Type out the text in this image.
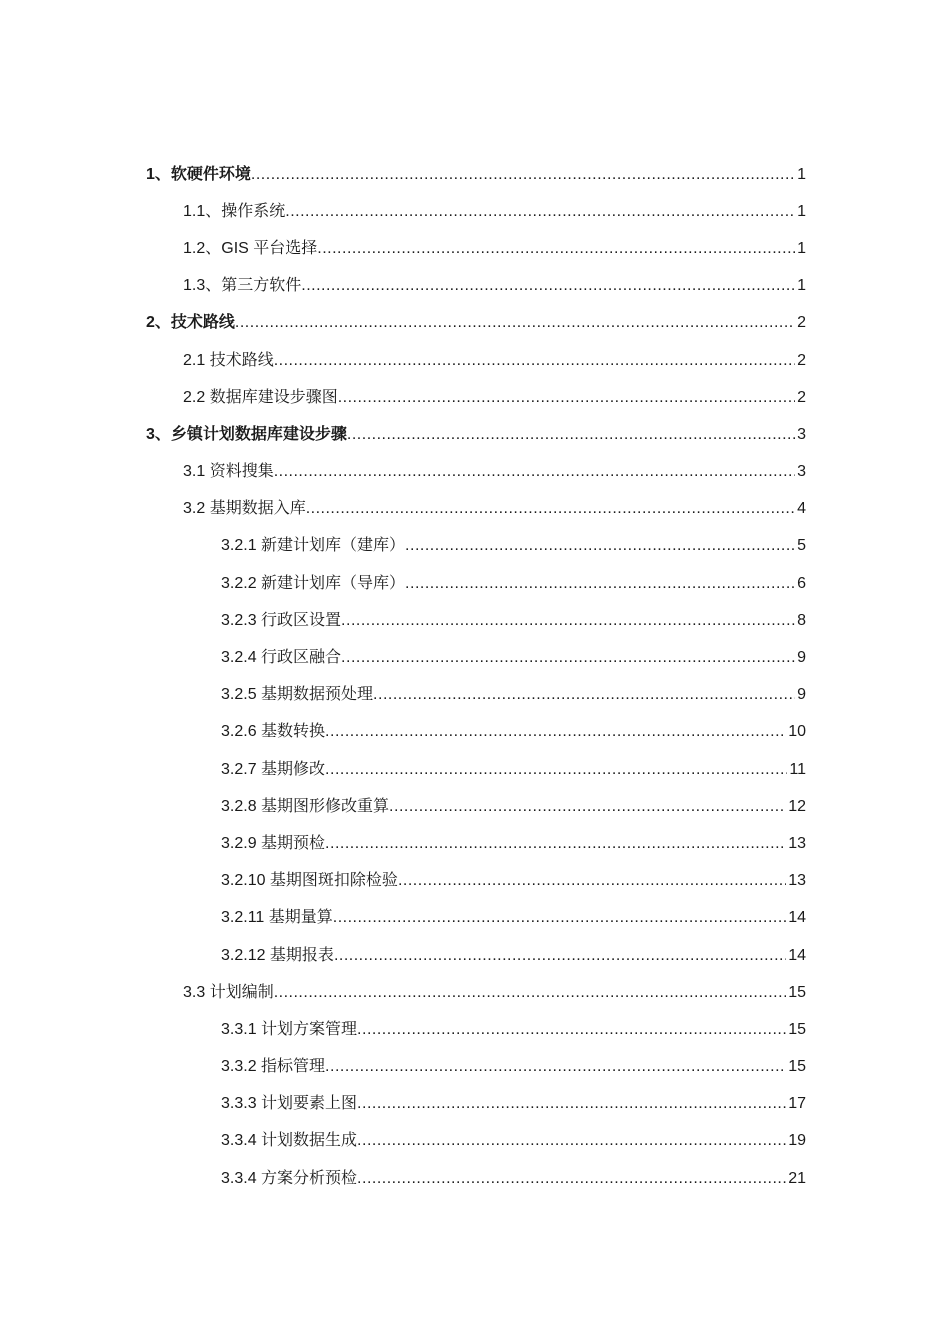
1、软硬件环境 .....	1
1.1、操作系统 .....	1
1.2、GIS 平台选择 .....	1
1.3、第三方软件 .....	1
2、技术路线 .....	2
2.1 技术路线 .....	2
2.2 数据库建设步骤图 .....	2
3、乡镇计划数据库建设步骤 .....	3
3.1 资料搜集 .....	3
3.2 基期数据入库 .....	4
3.2.1 新建计划库（建库） .....	5
3.2.2 新建计划库（导库） .....	6
3.2.3 行政区设置 .....	8
3.2.4 行政区融合 .....	9
3.2.5 基期数据预处理 .....	9
3.2.6 基数转换 .....	10
3.2.7 基期修改 .....	11
3.2.8 基期图形修改重算 .....	12
3.2.9 基期预检 .....	13
3.2.10 基期图斑扣除检验 .....	13
3.2.11 基期量算 .....	14
3.2.12 基期报表 .....	14
3.3 计划编制 .....	15
3.3.1 计划方案管理 .....	15
3.3.2 指标管理 .....	15
3.3.3 计划要素上图 .....	17
3.3.4 计划数据生成 .....	19
3.3.4 方案分析预检 .....	21
